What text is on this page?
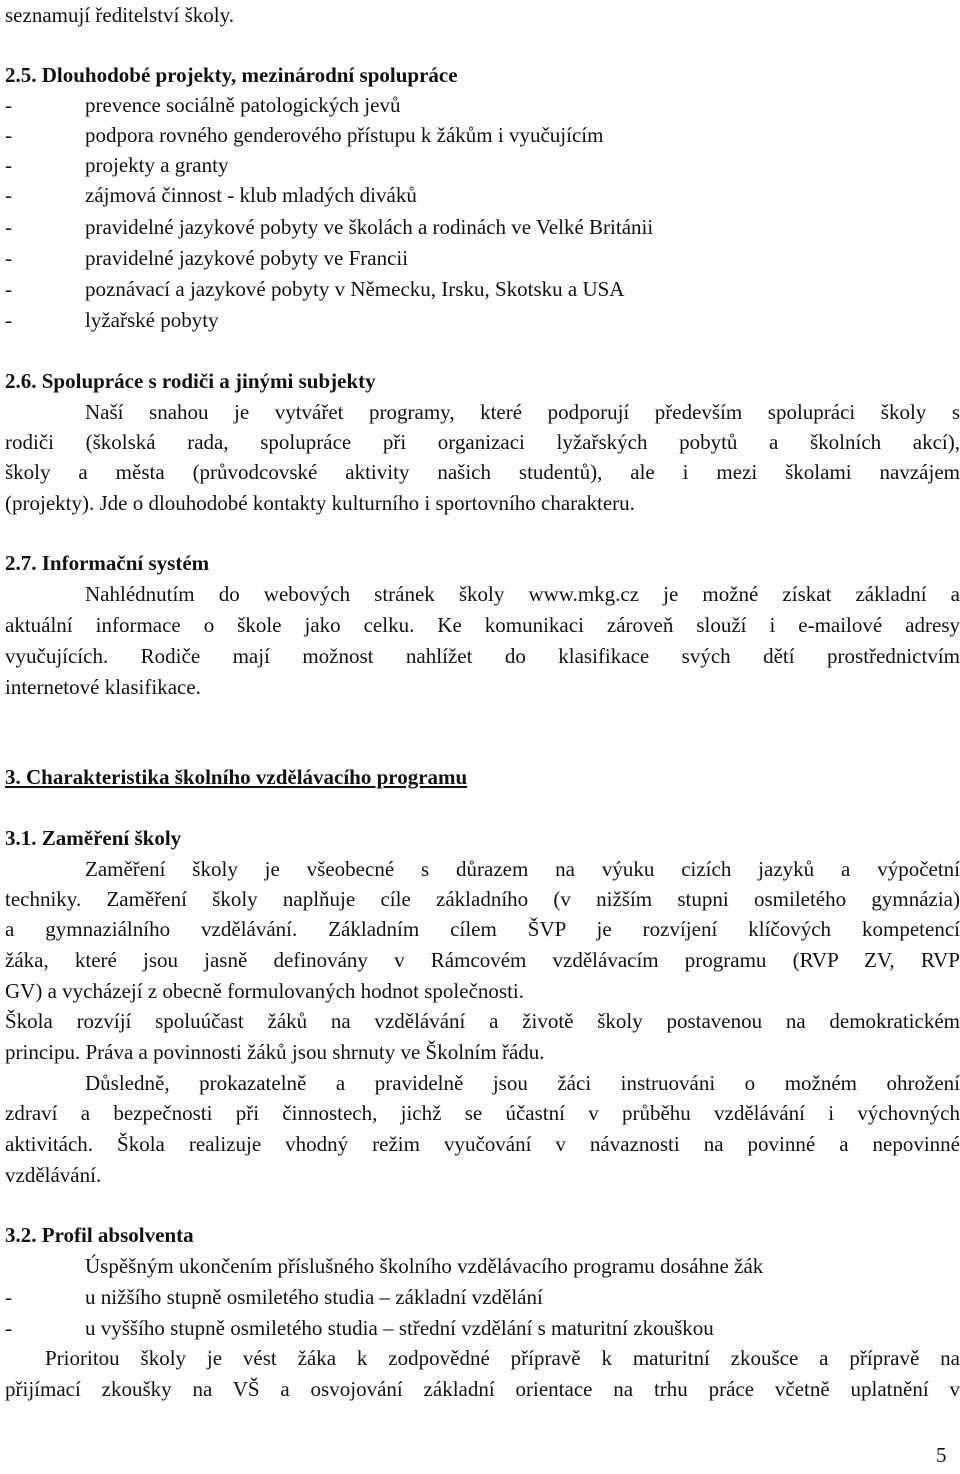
seznamují ředitelství školy.
2.5. Dlouhodobé projekty, mezinárodní spolupráce
-	prevence sociálně patologických jevů
-	podpora rovného genderového přístupu k žákům i vyučujícím
-	projekty a granty
-	zájmová činnost - klub mladých diváků
-	pravidelné jazykové pobyty ve školách a rodinách ve Velké Británii
-	pravidelné jazykové pobyty ve Francii
-	poznávací a jazykové pobyty v Německu, Irsku, Skotsku a USA
-	lyžařské pobyty
2.6. Spolupráce s rodiči a jinými subjekty
Naší snahou je vytvářet programy, které podporují především spolupráci školy s
rodiči (školská rada, spolupráce při organizaci lyžařských pobytů a školních akcí),
školy a města (průvodcovské aktivity našich studentů), ale i mezi školami navzájem
(projekty). Jde o dlouhodobé kontakty kulturního i sportovního charakteru.
2.7. Informační systém
Nahlédnutím do webových stránek školy www.mkg.cz je možné získat základní a
aktuální informace o škole jako celku. Ke komunikaci zároveň slouží i e-mailové adresy
vyučujících. Rodiče mají možnost nahlížet do klasifikace svých dětí prostřednictvím
internetové klasifikace.
3. Charakteristika školního vzdělávacího programu
3.1. Zaměření školy
Zaměření školy je všeobecné s důrazem na výuku cizích jazyků a výpočetní
techniky. Zaměření školy naplňuje cíle základního (v nižším stupni osmiletého gymnázia)
a gymnaziálního vzdělávání. Základním cílem ŠVP je rozvíjení klíčových kompetencí
žáka, které jsou jasně definovány v Rámcovém vzdělávacím programu (RVP ZV, RVP
GV) a vycházejí z obecně formulovaných hodnot společnosti.
Škola rozvíjí spoluúčast žáků na vzdělávání a životě školy postavenou na demokratickém
principu. Práva a povinnosti žáků jsou shrnuty ve Školním řádu.
Důsledně, prokazatelně a pravidelně jsou žáci instruováni o možném ohrožení
zdraví a bezpečnosti při činnostech, jichž se účastní v průběhu vzdělávání i výchovných
aktivitách. Škola realizuje vhodný režim vyučování v návaznosti na povinné a nepovinné
vzdělávání.
3.2. Profil absolventa
Úspěšným ukončením příslušného školního vzdělávacího programu dosáhne žák
-	u nižšího stupně osmiletého studia – základní vzdělání
-	u vyššího stupně osmiletého studia – střední vzdělání s maturitní zkouškou
Prioritou školy je vést žáka k zodpovědné přípravě k maturitní zkoušce a přípravě na
přijímací zkoušky na VŠ a osvojování základní orientace na trhu práce včetně uplatnění v
5
